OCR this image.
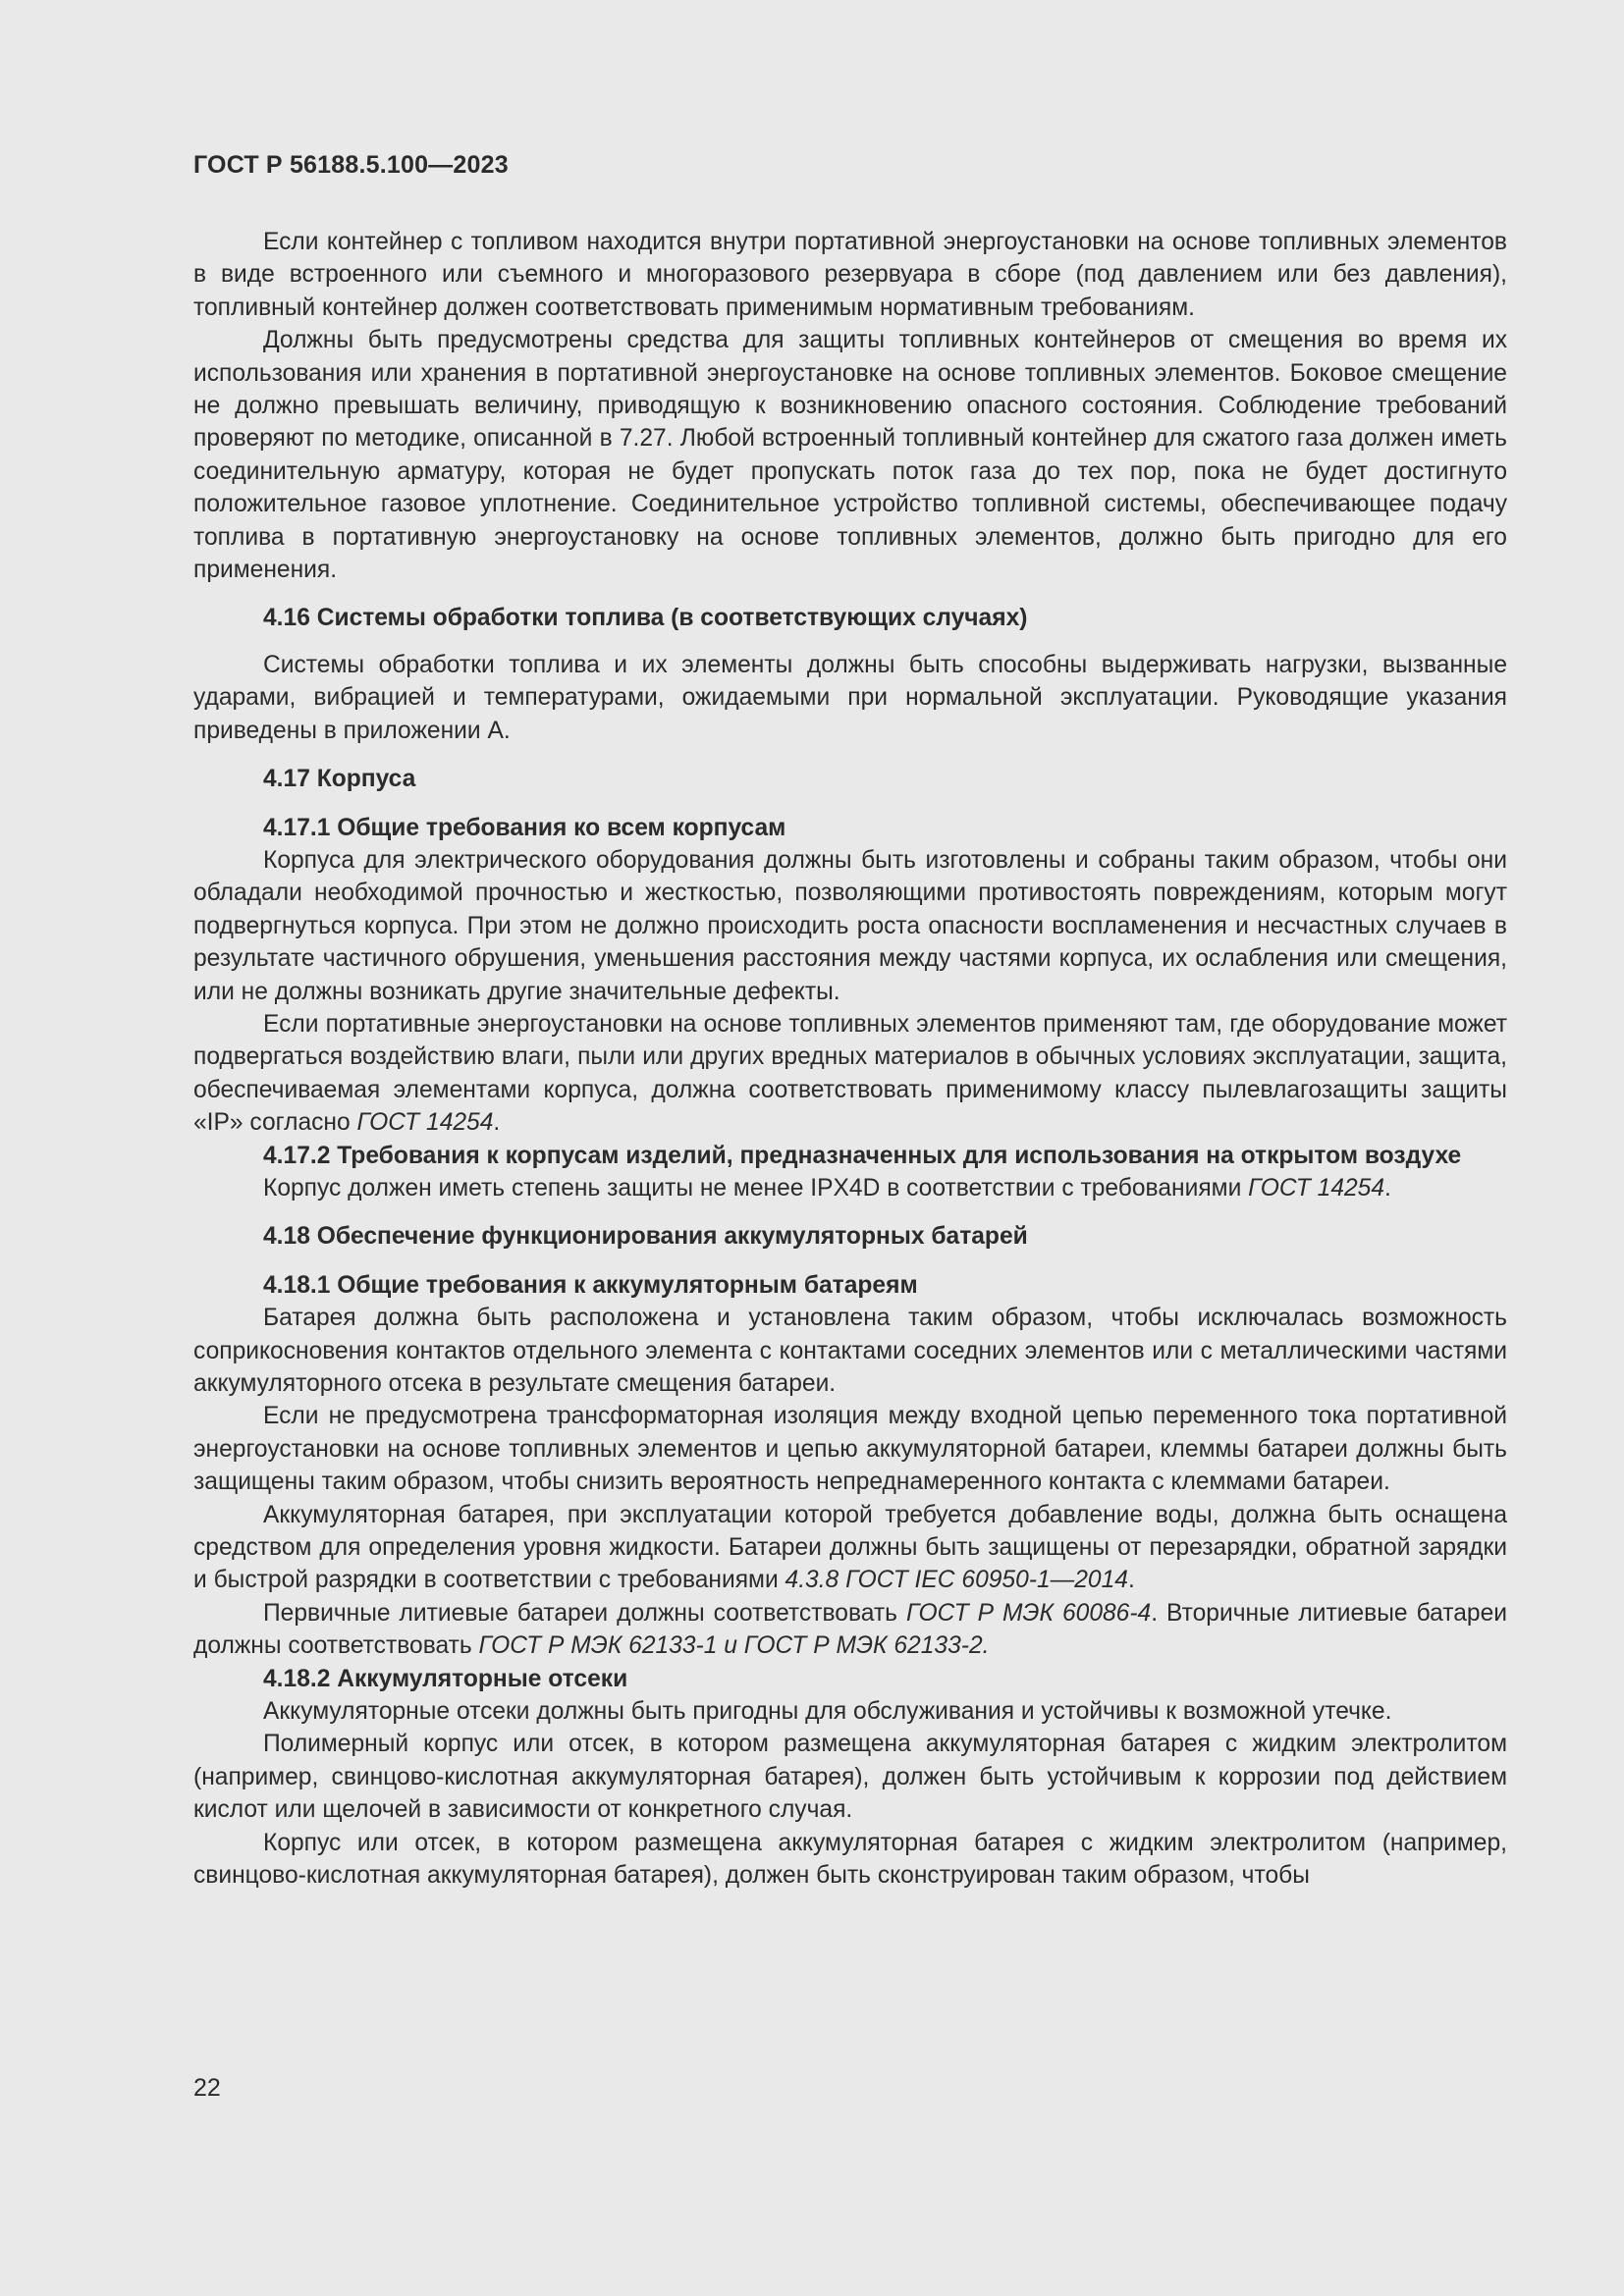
ГОСТ Р 56188.5.100—2023

Если контейнер с топливом находится внутри портативной энергоустановки на основе топливных элементов в виде встроенного или съемного и многоразового резервуара в сборе (под давлением или без давления), топливный контейнер должен соответствовать применимым нормативным требованиям.

Должны быть предусмотрены средства для защиты топливных контейнеров от смещения во время их использования или хранения в портативной энергоустановке на основе топливных элементов. Боковое смещение не должно превышать величину, приводящую к возникновению опасного состояния. Соблюдение требований проверяют по методике, описанной в 7.27. Любой встроенный топливный контейнер для сжатого газа должен иметь соединительную арматуру, которая не будет пропускать поток газа до тех пор, пока не будет достигнуто положительное газовое уплотнение. Соединительное устройство топливной системы, обеспечивающее подачу топлива в портативную энергоустановку на основе топливных элементов, должно быть пригодно для его применения.

4.16 Системы обработки топлива (в соответствующих случаях)

Системы обработки топлива и их элементы должны быть способны выдерживать нагрузки, вызванные ударами, вибрацией и температурами, ожидаемыми при нормальной эксплуатации. Руководящие указания приведены в приложении А.

4.17 Корпуса
4.17.1 Общие требования ко всем корпусам

Корпуса для электрического оборудования должны быть изготовлены и собраны таким образом, чтобы они обладали необходимой прочностью и жесткостью, позволяющими противостоять повреждениям, которым могут подвергнуться корпуса. При этом не должно происходить роста опасности воспламенения и несчастных случаев в результате частичного обрушения, уменьшения расстояния между частями корпуса, их ослабления или смещения, или не должны возникать другие значительные дефекты.

Если портативные энергоустановки на основе топливных элементов применяют там, где оборудование может подвергаться воздействию влаги, пыли или других вредных материалов в обычных условиях эксплуатации, защита, обеспечиваемая элементами корпуса, должна соответствовать применимому классу пылевлагозащиты защиты «IP» согласно ГОСТ 14254.

4.17.2 Требования к корпусам изделий, предназначенных для использования на открытом воздухе

Корпус должен иметь степень защиты не менее IPX4D в соответствии с требованиями ГОСТ 14254.

4.18 Обеспечение функционирования аккумуляторных батарей
4.18.1 Общие требования к аккумуляторным батареям

Батарея должна быть расположена и установлена таким образом, чтобы исключалась возможность соприкосновения контактов отдельного элемента с контактами соседних элементов или с металлическими частями аккумуляторного отсека в результате смещения батареи.

Если не предусмотрена трансформаторная изоляция между входной цепью переменного тока портативной энергоустановки на основе топливных элементов и цепью аккумуляторной батареи, клеммы батареи должны быть защищены таким образом, чтобы снизить вероятность непреднамеренного контакта с клеммами батареи.

Аккумуляторная батарея, при эксплуатации которой требуется добавление воды, должна быть оснащена средством для определения уровня жидкости. Батареи должны быть защищены от перезарядки, обратной зарядки и быстрой разрядки в соответствии с требованиями 4.3.8 ГОСТ IEC 60950-1—2014.

Первичные литиевые батареи должны соответствовать ГОСТ Р МЭК 60086-4. Вторичные литиевые батареи должны соответствовать ГОСТ Р МЭК 62133-1 и ГОСТ Р МЭК 62133-2.

4.18.2 Аккумуляторные отсеки

Аккумуляторные отсеки должны быть пригодны для обслуживания и устойчивы к возможной утечке.

Полимерный корпус или отсек, в котором размещена аккумуляторная батарея с жидким электролитом (например, свинцово-кислотная аккумуляторная батарея), должен быть устойчивым к коррозии под действием кислот или щелочей в зависимости от конкретного случая.

Корпус или отсек, в котором размещена аккумуляторная батарея с жидким электролитом (например, свинцово-кислотная аккумуляторная батарея), должен быть сконструирован таким образом, чтобы

22
